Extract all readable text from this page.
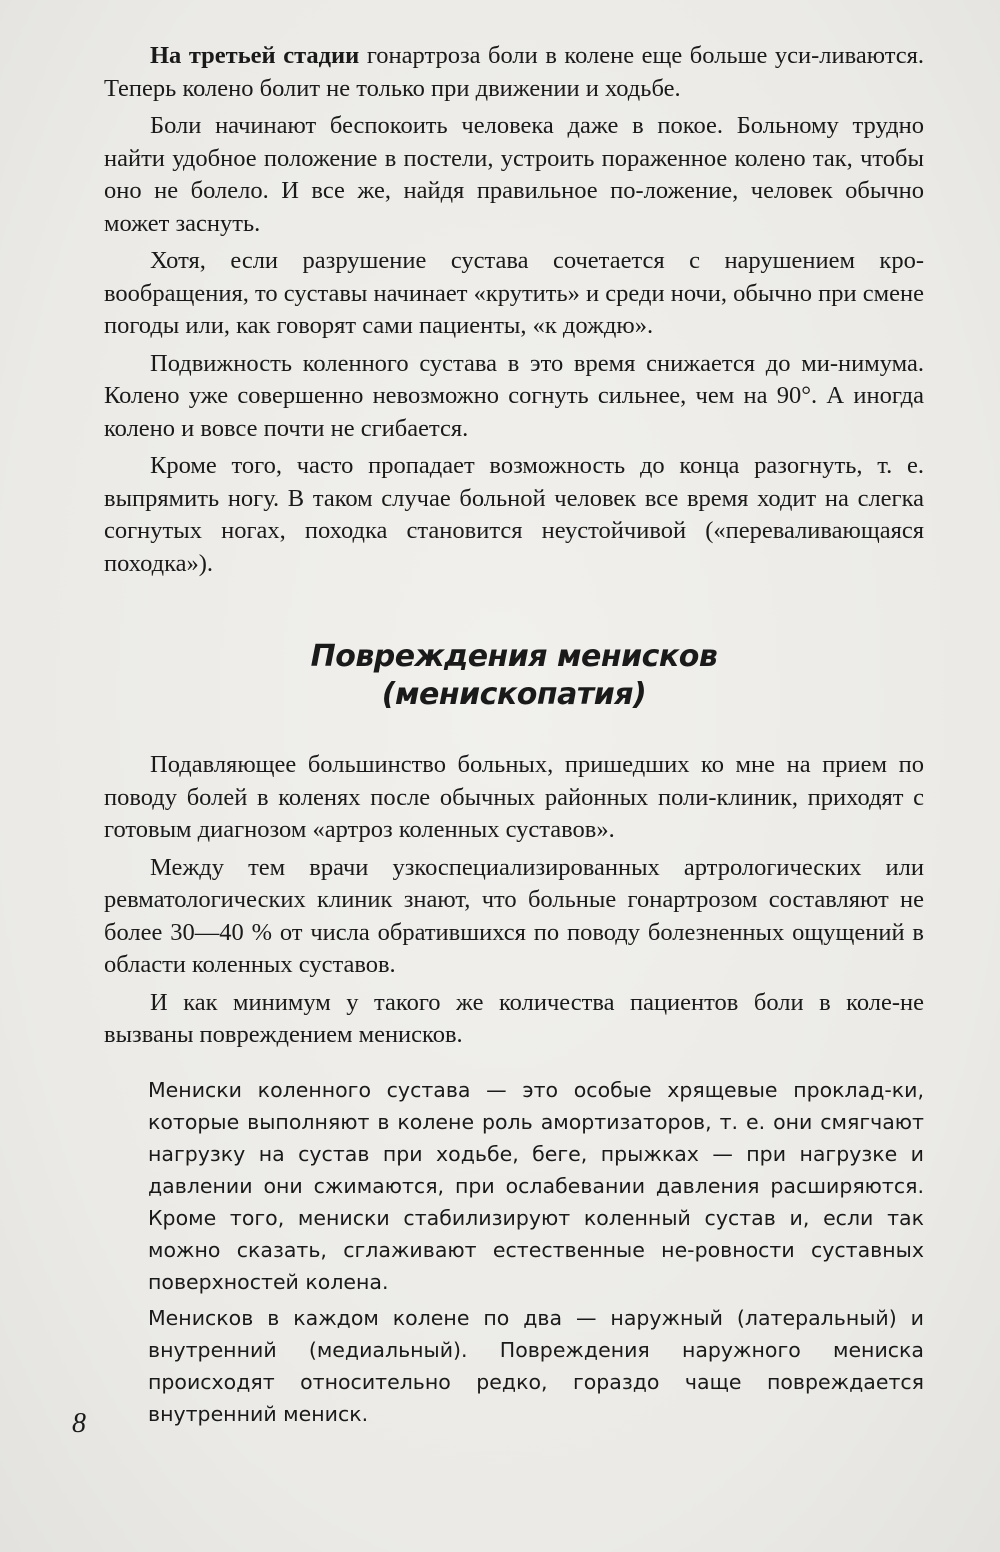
На третьей стадии гонартроза боли в колене еще больше уси-ливаются. Теперь колено болит не только при движении и ходьбе.

Боли начинают беспокоить человека даже в покое. Больному трудно найти удобное положение в постели, устроить пораженное колено так, чтобы оно не болело. И все же, найдя правильное по-ложение, человек обычно может заснуть.

Хотя, если разрушение сустава сочетается с нарушением кро-вообращения, то суставы начинает «крутить» и среди ночи, обычно при смене погоды или, как говорят сами пациенты, «к дождю».

Подвижность коленного сустава в это время снижается до ми-нимума. Колено уже совершенно невозможно согнуть сильнее, чем на 90°. А иногда колено и вовсе почти не сгибается.

Кроме того, часто пропадает возможность до конца разогнуть, т. е. выпрямить ногу. В таком случае больной человек все время ходит на слегка согнутых ногах, походка становится неустойчивой («переваливающаяся походка»).

Повреждения менисков
(менископатия)

Подавляющее большинство больных, пришедших ко мне на прием по поводу болей в коленях после обычных районных поли-клиник, приходят с готовым диагнозом «артроз коленных суставов».

Между тем врачи узкоспециализированных артрологических или ревматологических клиник знают, что больные гонартрозом составляют не более 30—40 % от числа обратившихся по поводу болезненных ощущений в области коленных суставов.

И как минимум у такого же количества пациентов боли в коле-не вызваны повреждением менисков.

Мениски коленного сустава — это особые хрящевые проклад-ки, которые выполняют в колене роль амортизаторов, т. е. они смягчают нагрузку на сустав при ходьбе, беге, прыжках — при нагрузке и давлении они сжимаются, при ослабевании давления расширяются. Кроме того, мениски стабилизируют коленный сустав и, если так можно сказать, сглаживают естественные не-ровности суставных поверхностей колена.

Менисков в каждом колене по два — наружный (латеральный) и внутренний (медиальный). Повреждения наружного мениска происходят относительно редко, гораздо чаще повреждается внутренний мениск.

8
